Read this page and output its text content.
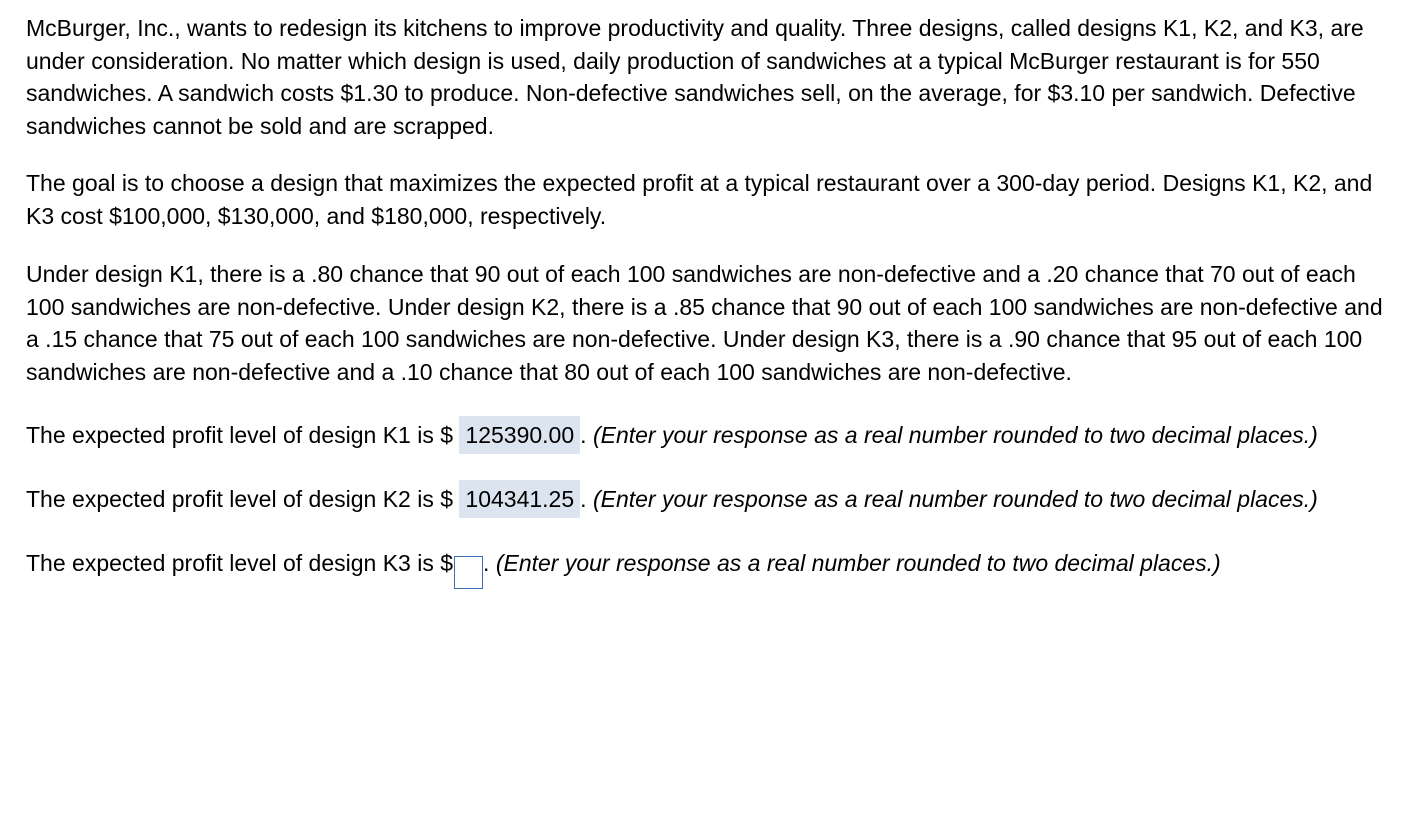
McBurger, Inc., wants to redesign its kitchens to improve productivity and quality. Three designs, called designs K1, K2, and K3, are under consideration. No matter which design is used, daily production of sandwiches at a typical McBurger restaurant is for 550 sandwiches. A sandwich costs $1.30 to produce. Non-defective sandwiches sell, on the average, for $3.10 per sandwich. Defective sandwiches cannot be sold and are scrapped.

The goal is to choose a design that maximizes the expected profit at a typical restaurant over a 300-day period. Designs K1, K2, and K3 cost $100,000, $130,000, and $180,000, respectively.

Under design K1, there is a .80 chance that 90 out of each 100 sandwiches are non-defective and a .20 chance that 70 out of each 100 sandwiches are non-defective. Under design K2, there is a .85 chance that 90 out of each 100 sandwiches are non-defective and a .15 chance that 75 out of each 100 sandwiches are non-defective. Under design K3, there is a .90 chance that 95 out of each 100 sandwiches are non-defective and a .10 chance that 80 out of each 100 sandwiches are non-defective.

The expected profit level of design K1 is $ 125390.00 . (Enter your response as a real number rounded to two decimal places.)

The expected profit level of design K2 is $ 104341.25 . (Enter your response as a real number rounded to two decimal places.)

The expected profit level of design K3 is $ . (Enter your response as a real number rounded to two decimal places.)
